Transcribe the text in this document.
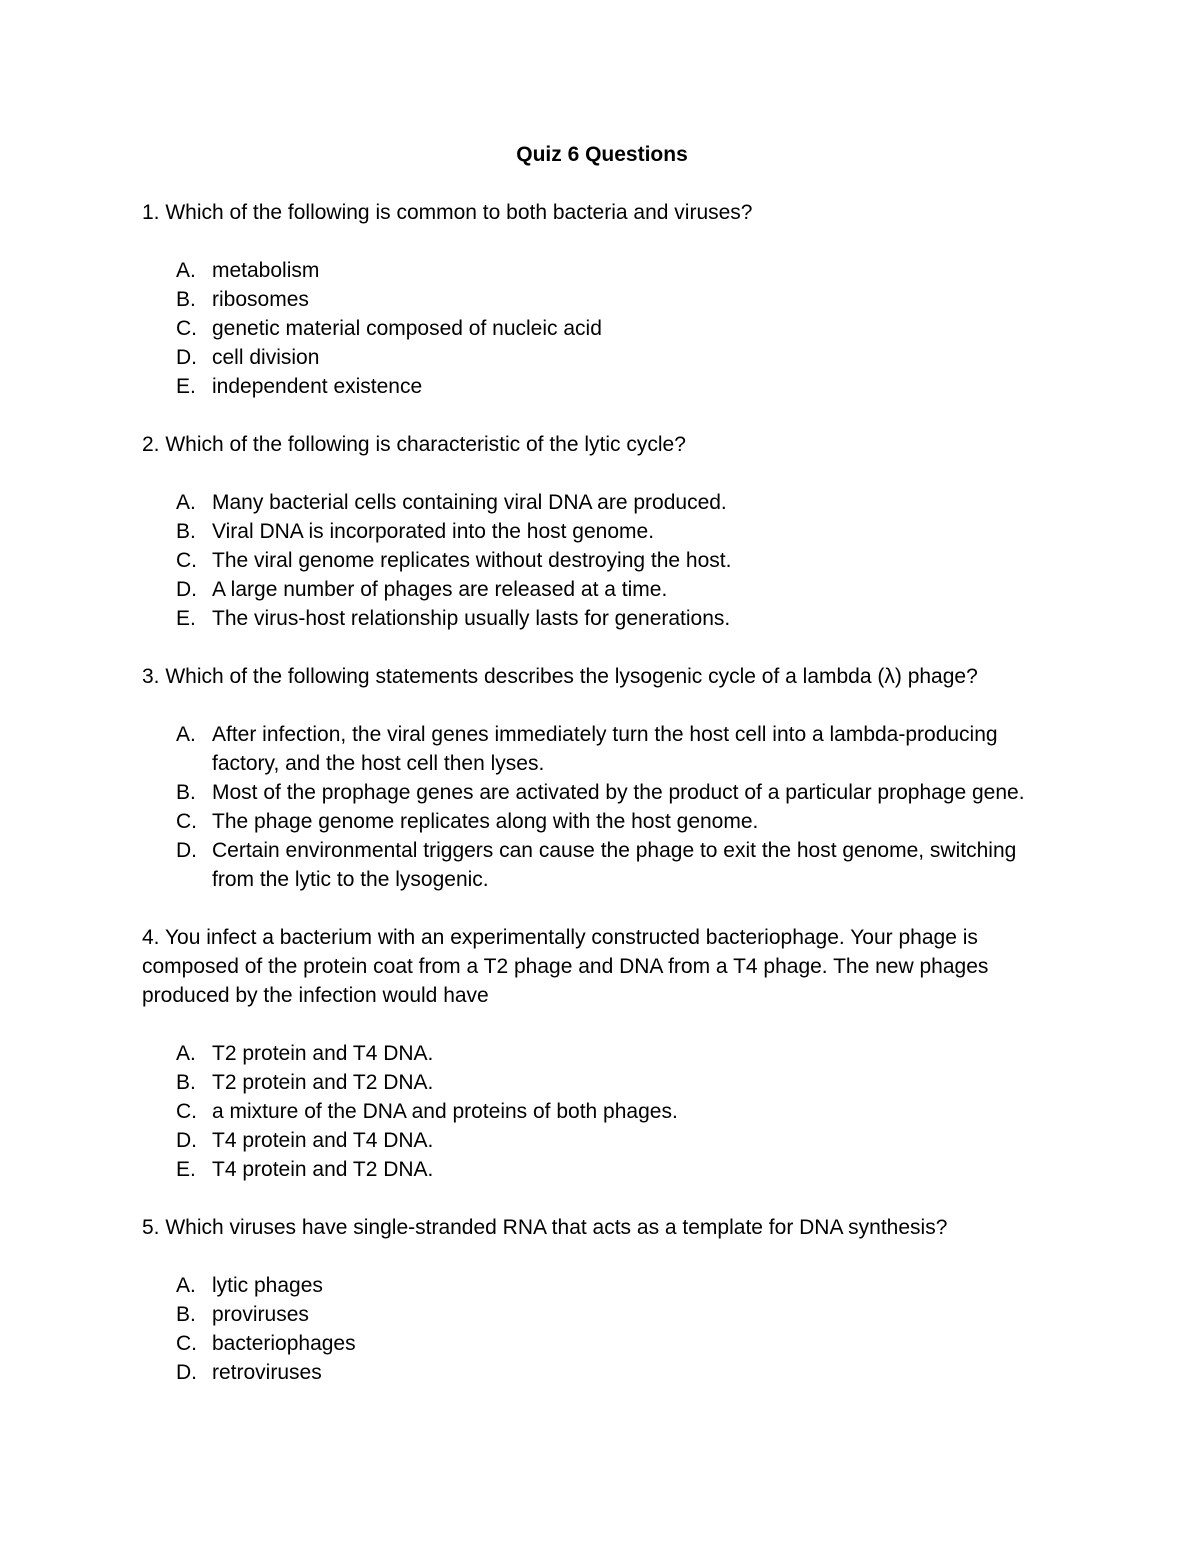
Quiz 6 Questions
1. Which of the following is common to both bacteria and viruses?
A. metabolism
B. ribosomes
C. genetic material composed of nucleic acid
D. cell division
E. independent existence
2. Which of the following is characteristic of the lytic cycle?
A. Many bacterial cells containing viral DNA are produced.
B. Viral DNA is incorporated into the host genome.
C. The viral genome replicates without destroying the host.
D. A large number of phages are released at a time.
E. The virus-host relationship usually lasts for generations.
3. Which of the following statements describes the lysogenic cycle of a lambda (λ) phage?
A. After infection, the viral genes immediately turn the host cell into a lambda-producing factory, and the host cell then lyses.
B. Most of the prophage genes are activated by the product of a particular prophage gene.
C. The phage genome replicates along with the host genome.
D. Certain environmental triggers can cause the phage to exit the host genome, switching from the lytic to the lysogenic.
4. You infect a bacterium with an experimentally constructed bacteriophage. Your phage is composed of the protein coat from a T2 phage and DNA from a T4 phage. The new phages produced by the infection would have
A. T2 protein and T4 DNA.
B. T2 protein and T2 DNA.
C. a mixture of the DNA and proteins of both phages.
D. T4 protein and T4 DNA.
E. T4 protein and T2 DNA.
5. Which viruses have single-stranded RNA that acts as a template for DNA synthesis?
A. lytic phages
B. proviruses
C. bacteriophages
D. retroviruses
